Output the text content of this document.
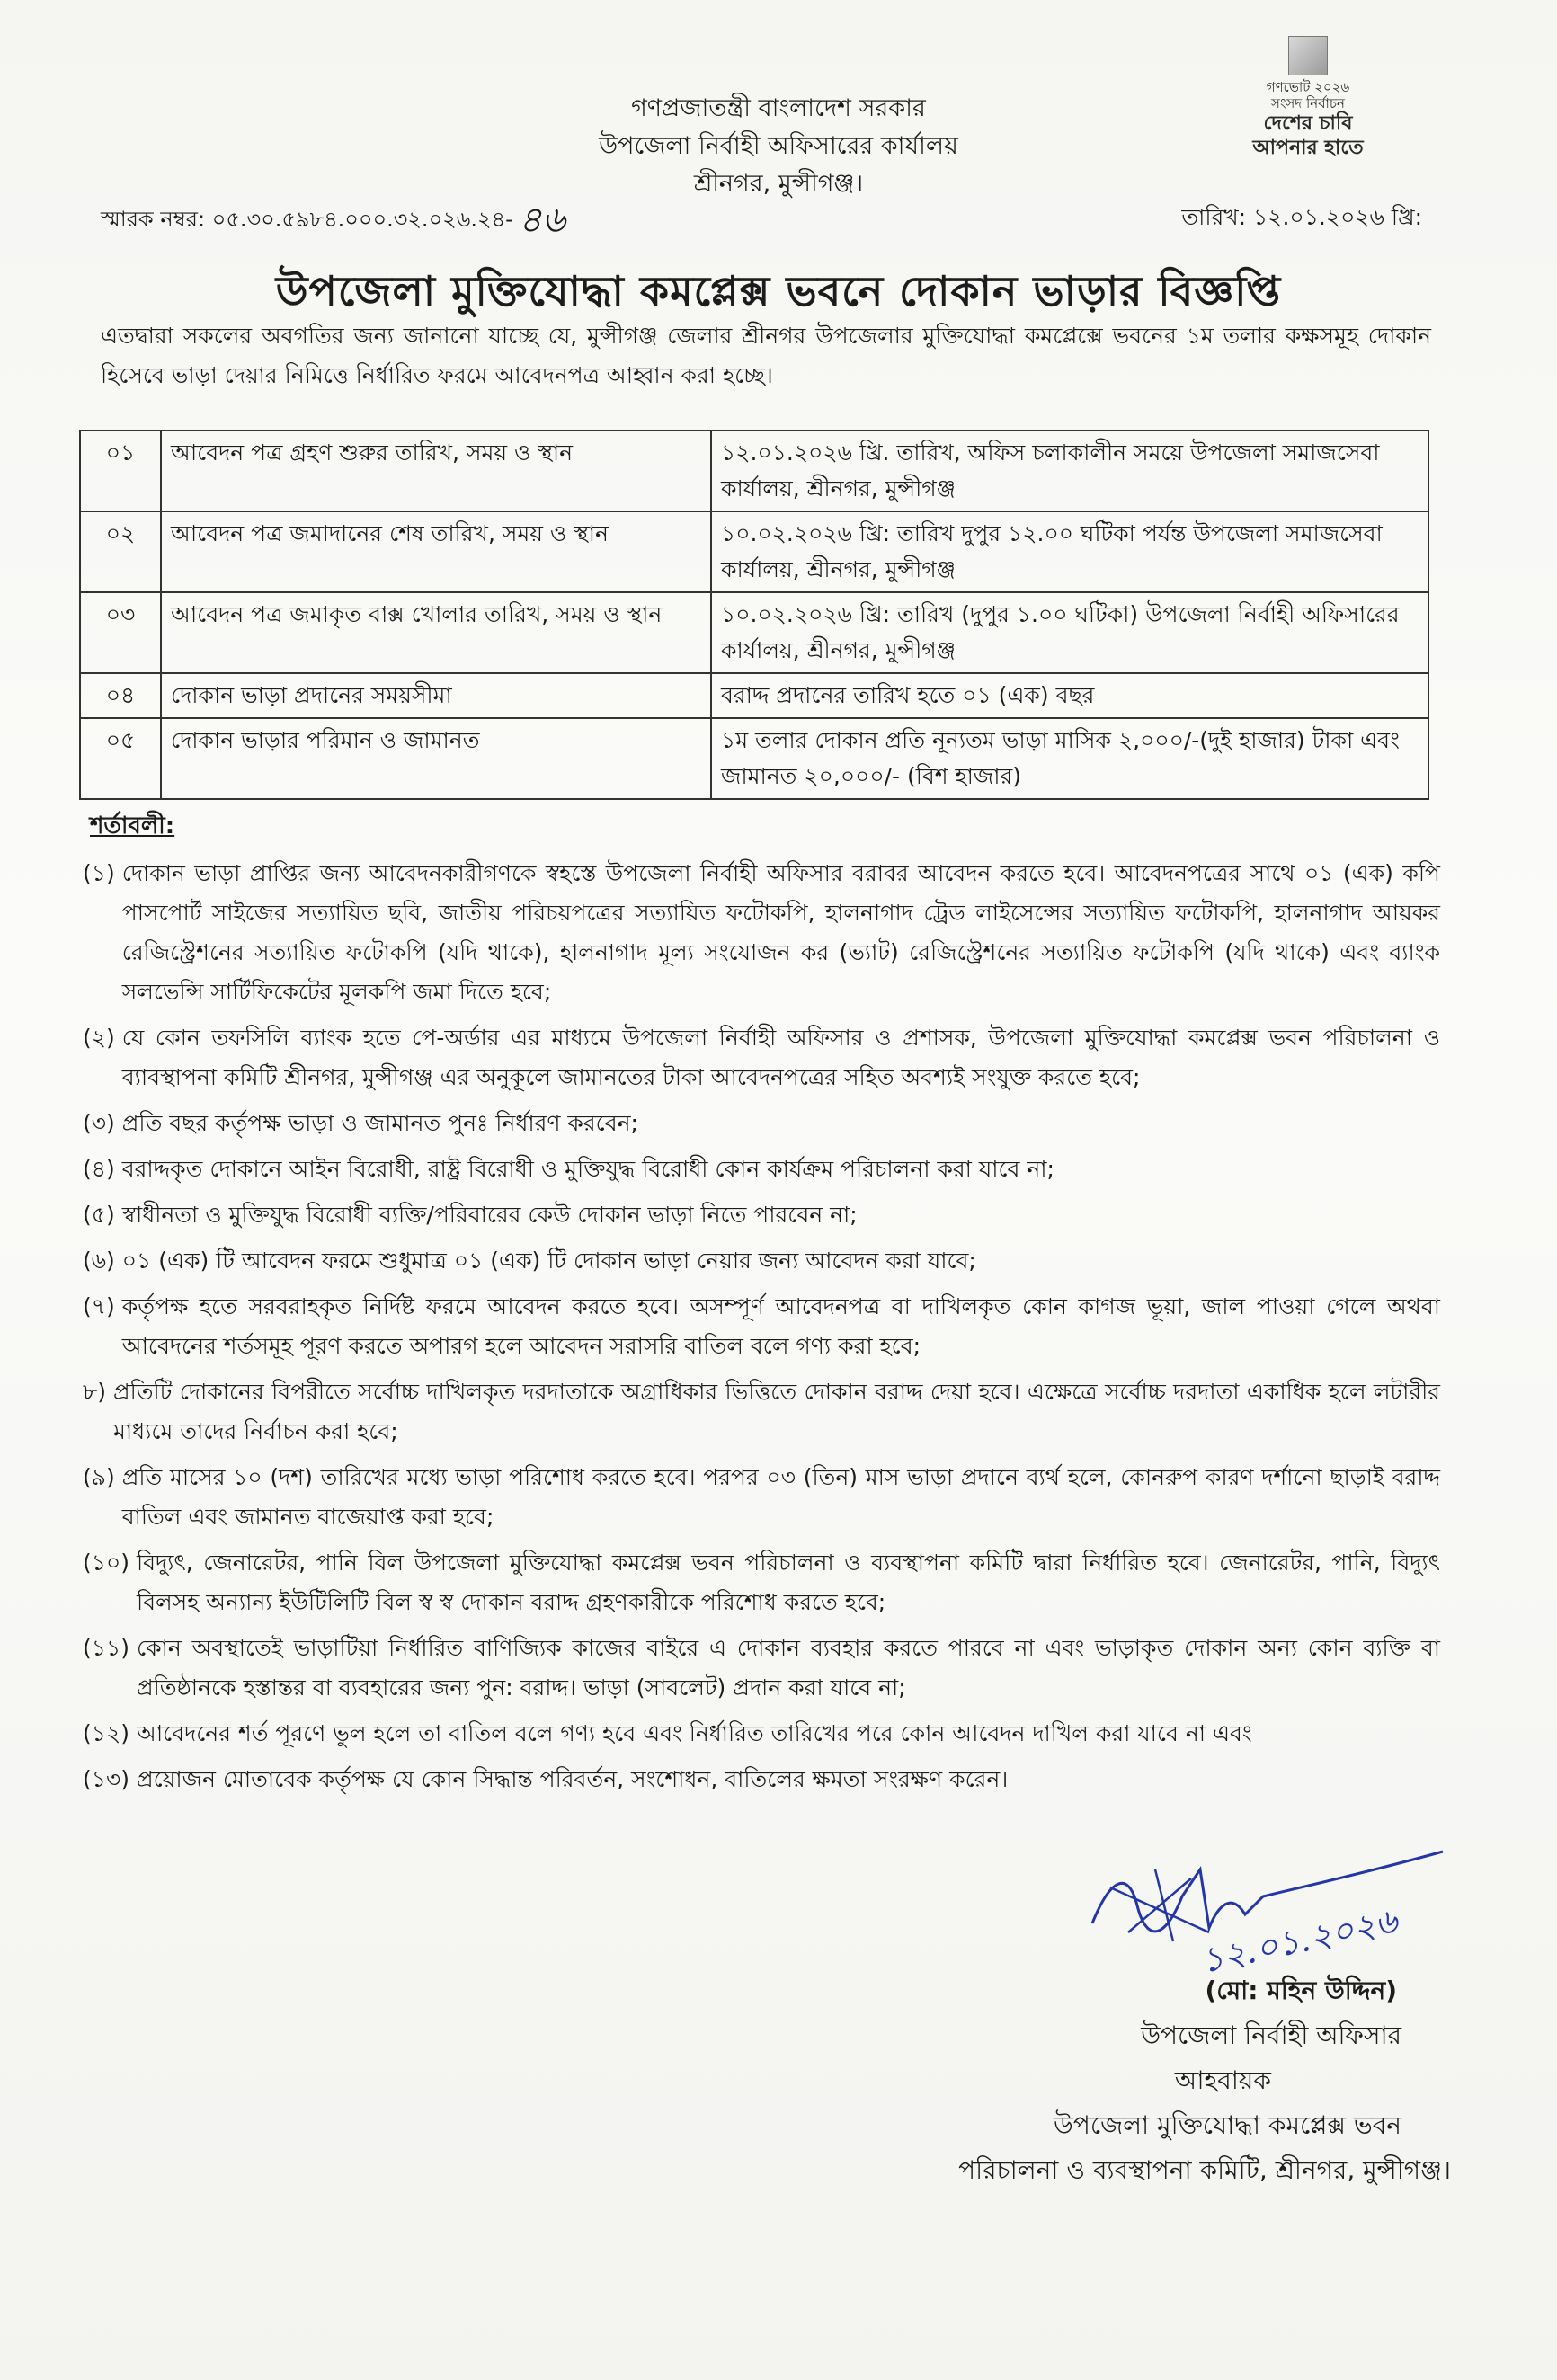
গণভোট ২০২৬
সংসদ নির্বাচন
দেশের চাবি
আপনার হাতে
গণপ্রজাতন্ত্রী বাংলাদেশ সরকার
উপজেলা নির্বাহী অফিসারের কার্যালয়
শ্রীনগর, মুন্সীগঞ্জ।
স্মারক নম্বর: ০৫.৩০.৫৯৮৪.০০০.৩২.০২৬.২৪- ৪৬	তারিখ: ১২.০১.২০২৬ খ্রি:
উপজেলা মুক্তিযোদ্ধা কমপ্লেক্স ভবনে দোকান ভাড়ার বিজ্ঞপ্তি
এতদ্বারা সকলের অবগতির জন্য জানানো যাচ্ছে যে, মুন্সীগঞ্জ জেলার শ্রীনগর উপজেলার মুক্তিযোদ্ধা কমপ্লেক্সে ভবনের ১ম তলার কক্ষসমূহ দোকান হিসেবে ভাড়া দেয়ার নিমিত্তে নির্ধারিত ফরমে আবেদনপত্র আহ্বান করা হচ্ছে।
০১	আবেদন পত্র গ্রহণ শুরুর তারিখ, সময় ও স্থান	১২.০১.২০২৬ খ্রি. তারিখ, অফিস চলাকালীন সময়ে উপজেলা সমাজসেবা কার্যালয়, শ্রীনগর, মুন্সীগঞ্জ
০২	আবেদন পত্র জমাদানের শেষ তারিখ, সময় ও স্থান	১০.০২.২০২৬ খ্রি: তারিখ দুপুর ১২.০০ ঘটিকা পর্যন্ত উপজেলা সমাজসেবা কার্যালয়, শ্রীনগর, মুন্সীগঞ্জ
০৩	আবেদন পত্র জমাকৃত বাক্স খোলার তারিখ, সময় ও স্থান	১০.০২.২০২৬ খ্রি: তারিখ (দুপুর ১.০০ ঘটিকা) উপজেলা নির্বাহী অফিসারের কার্যালয়, শ্রীনগর, মুন্সীগঞ্জ
০৪	দোকান ভাড়া প্রদানের সময়সীমা	বরাদ্দ প্রদানের তারিখ হতে ০১ (এক) বছর
০৫	দোকান ভাড়ার পরিমান ও জামানত	১ম তলার দোকান প্রতি নূন্যতম ভাড়া মাসিক ২,০০০/-(দুই হাজার) টাকা এবং জামানত ২০,০০০/- (বিশ হাজার)
শর্তাবলী:
(১) দোকান ভাড়া প্রাপ্তির জন্য আবেদনকারীগণকে স্বহস্তে উপজেলা নির্বাহী অফিসার বরাবর আবেদন করতে হবে। আবেদনপত্রের সাথে ০১ (এক) কপি পাসপোর্ট সাইজের সত্যায়িত ছবি, জাতীয় পরিচয়পত্রের সত্যায়িত ফটোকপি, হালনাগাদ ট্রেড লাইসেন্সের সত্যায়িত ফটোকপি, হালনাগাদ আয়কর রেজিস্ট্রেশনের সত্যায়িত ফটোকপি (যদি থাকে), হালনাগাদ মূল্য সংযোজন কর (ভ্যাট) রেজিস্ট্রেশনের সত্যায়িত ফটোকপি (যদি থাকে) এবং ব্যাংক সলভেন্সি সার্টিফিকেটের মূলকপি জমা দিতে হবে;
(২) যে কোন তফসিলি ব্যাংক হতে পে-অর্ডার এর মাধ্যমে উপজেলা নির্বাহী অফিসার ও প্রশাসক, উপজেলা মুক্তিযোদ্ধা কমপ্লেক্স ভবন পরিচালনা ও ব্যাবস্থাপনা কমিটি শ্রীনগর, মুন্সীগঞ্জ এর অনুকূলে জামানতের টাকা আবেদনপত্রের সহিত অবশ্যই সংযুক্ত করতে হবে;
(৩) প্রতি বছর কর্তৃপক্ষ ভাড়া ও জামানত পুনঃ নির্ধারণ করবেন;
(৪) বরাদ্দকৃত দোকানে আইন বিরোধী, রাষ্ট্র বিরোধী ও মুক্তিযুদ্ধ বিরোধী কোন কার্যক্রম পরিচালনা করা যাবে না;
(৫) স্বাধীনতা ও মুক্তিযুদ্ধ বিরোধী ব্যক্তি/পরিবারের কেউ দোকান ভাড়া নিতে পারবেন না;
(৬) ০১ (এক) টি আবেদন ফরমে শুধুমাত্র ০১ (এক) টি দোকান ভাড়া নেয়ার জন্য আবেদন করা যাবে;
(৭) কর্তৃপক্ষ হতে সরবরাহকৃত নির্দিষ্ট ফরমে আবেদন করতে হবে। অসম্পূর্ণ আবেদনপত্র বা দাখিলকৃত কোন কাগজ ভূয়া, জাল পাওয়া গেলে অথবা আবেদনের শর্তসমূহ পূরণ করতে অপারগ হলে আবেদন সরাসরি বাতিল বলে গণ্য করা হবে;
৮) প্রতিটি দোকানের বিপরীতে সর্বোচ্চ দাখিলকৃত দরদাতাকে অগ্রাধিকার ভিত্তিতে দোকান বরাদ্দ দেয়া হবে। এক্ষেত্রে সর্বোচ্চ দরদাতা একাধিক হলে লটারীর মাধ্যমে তাদের নির্বাচন করা হবে;
(৯) প্রতি মাসের ১০ (দশ) তারিখের মধ্যে ভাড়া পরিশোধ করতে হবে। পরপর ০৩ (তিন) মাস ভাড়া প্রদানে ব্যর্থ হলে, কোনরুপ কারণ দর্শানো ছাড়াই বরাদ্দ বাতিল এবং জামানত বাজেয়াপ্ত করা হবে;
(১০) বিদ্যুৎ, জেনারেটর, পানি বিল উপজেলা মুক্তিযোদ্ধা কমপ্লেক্স ভবন পরিচালনা ও ব্যবস্থাপনা কমিটি দ্বারা নির্ধারিত হবে। জেনারেটর, পানি, বিদ্যুৎ বিলসহ অন্যান্য ইউটিলিটি বিল স্ব স্ব দোকান বরাদ্দ গ্রহণকারীকে পরিশোধ করতে হবে;
(১১) কোন অবস্থাতেই ভাড়াটিয়া নির্ধারিত বাণিজ্যিক কাজের বাইরে এ দোকান ব্যবহার করতে পারবে না এবং ভাড়াকৃত দোকান অন্য কোন ব্যক্তি বা প্রতিষ্ঠানকে হস্তান্তর বা ব্যবহারের জন্য পুন: বরাদ্দ। ভাড়া (সাবলেট) প্রদান করা যাবে না;
(১২) আবেদনের শর্ত পূরণে ভুল হলে তা বাতিল বলে গণ্য হবে এবং নির্ধারিত তারিখের পরে কোন আবেদন দাখিল করা যাবে না এবং
(১৩) প্রয়োজন মোতাবেক কর্তৃপক্ষ যে কোন সিদ্ধান্ত পরিবর্তন, সংশোধন, বাতিলের ক্ষমতা সংরক্ষণ করেন।
১২.০১.২০২৬
(মো: মহিন উদ্দিন)
উপজেলা নির্বাহী অফিসার
আহবায়ক
উপজেলা মুক্তিযোদ্ধা কমপ্লেক্স ভবন
পরিচালনা ও ব্যবস্থাপনা কমিটি, শ্রীনগর, মুন্সীগঞ্জ।
